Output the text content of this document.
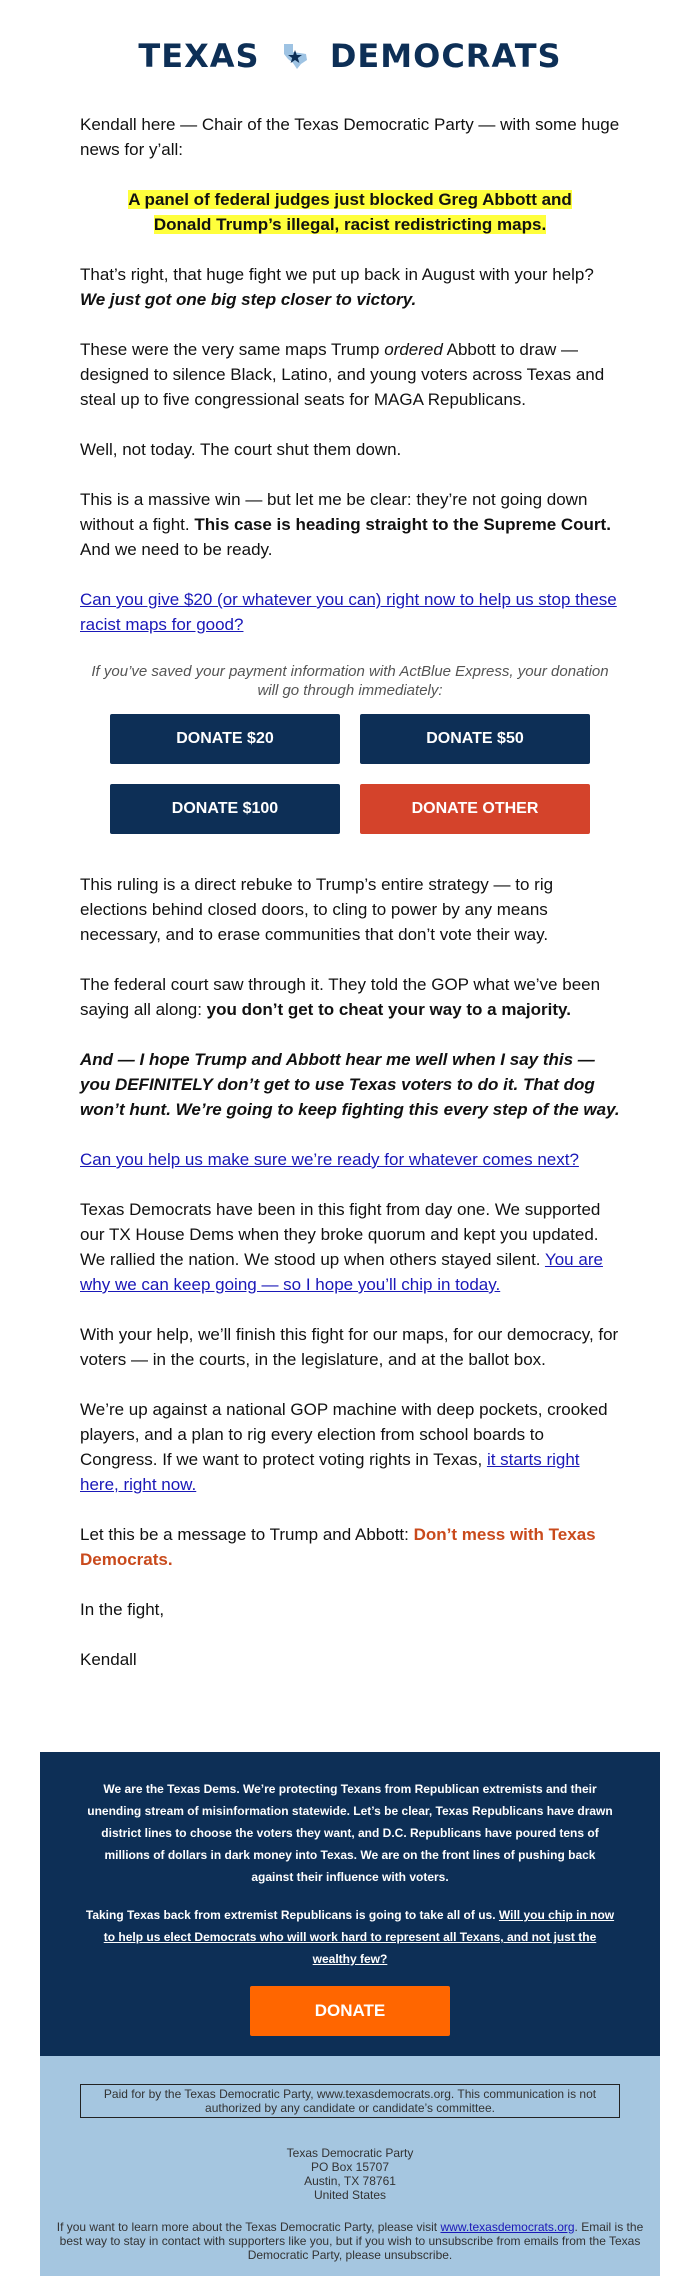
TEXAS DEMOCRATS

Kendall here — Chair of the Texas Democratic Party — with some huge news for y’all:

A panel of federal judges just blocked Greg Abbott and
Donald Trump’s illegal, racist redistricting maps.

That’s right, that huge fight we put up back in August with your help? We just got one big step closer to victory.

These were the very same maps Trump ordered Abbott to draw — designed to silence Black, Latino, and young voters across Texas and steal up to five congressional seats for MAGA Republicans.

Well, not today. The court shut them down.

This is a massive win — but let me be clear: they’re not going down without a fight. This case is heading straight to the Supreme Court. And we need to be ready.

Can you give $20 (or whatever you can) right now to help us stop these racist maps for good?

If you’ve saved your payment information with ActBlue Express, your donation will go through immediately:

DONATE $20	DONATE $50
DONATE $100	DONATE OTHER

This ruling is a direct rebuke to Trump’s entire strategy — to rig elections behind closed doors, to cling to power by any means necessary, and to erase communities that don’t vote their way.

The federal court saw through it. They told the GOP what we’ve been saying all along: you don’t get to cheat your way to a majority.

And — I hope Trump and Abbott hear me well when I say this — you DEFINITELY don’t get to use Texas voters to do it. That dog won’t hunt. We’re going to keep fighting this every step of the way.

Can you help us make sure we’re ready for whatever comes next?

Texas Democrats have been in this fight from day one. We supported our TX House Dems when they broke quorum and kept you updated. We rallied the nation. We stood up when others stayed silent. You are why we can keep going — so I hope you’ll chip in today.

With your help, we’ll finish this fight for our maps, for our democracy, for voters — in the courts, in the legislature, and at the ballot box.

We’re up against a national GOP machine with deep pockets, crooked players, and a plan to rig every election from school boards to Congress. If we want to protect voting rights in Texas, it starts right here, right now.

Let this be a message to Trump and Abbott: Don’t mess with Texas Democrats.

In the fight,

Kendall

We are the Texas Dems. We’re protecting Texans from Republican extremists and their unending stream of misinformation statewide. Let’s be clear, Texas Republicans have drawn district lines to choose the voters they want, and D.C. Republicans have poured tens of millions of dollars in dark money into Texas. We are on the front lines of pushing back against their influence with voters.

Taking Texas back from extremist Republicans is going to take all of us. Will you chip in now to help us elect Democrats who will work hard to represent all Texans, and not just the wealthy few?

DONATE
Paid for by the Texas Democratic Party, www.texasdemocrats.org. This communication is not authorized by any candidate or candidate’s committee.
Texas Democratic Party
PO Box 15707
Austin, TX 78761
United States

If you want to learn more about the Texas Democratic Party, please visit www.texasdemocrats.org. Email is the best way to stay in contact with supporters like you, but if you wish to unsubscribe from emails from the Texas Democratic Party, please unsubscribe.
